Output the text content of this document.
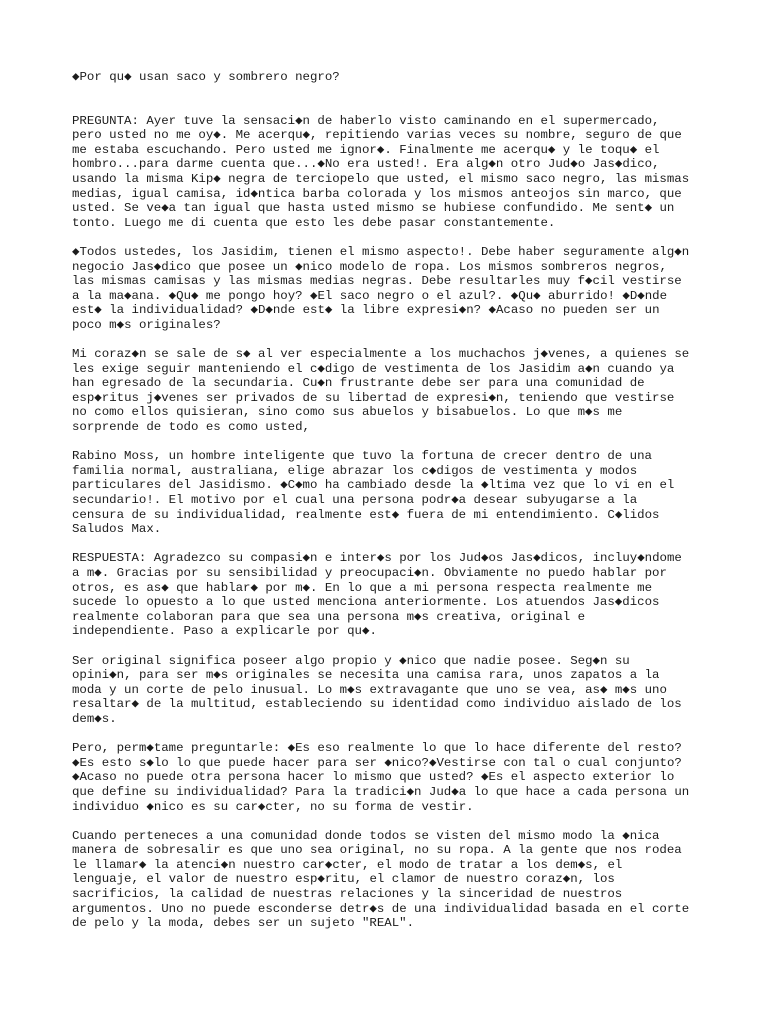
◆Por qu◆ usan saco y sombrero negro?
PREGUNTA: Ayer tuve la sensaci◆n de haberlo visto caminando en el supermercado,
pero usted no me oy◆. Me acerqu◆, repitiendo varias veces su nombre, seguro de que
me estaba escuchando. Pero usted me ignor◆. Finalmente me acerqu◆ y le toqu◆ el
hombro...para darme cuenta que...◆No era usted!. Era alg◆n otro Jud◆o Jas◆dico,
usando la misma Kip◆ negra de terciopelo que usted, el mismo saco negro, las mismas
medias, igual camisa, id◆ntica barba colorada y los mismos anteojos sin marco, que
usted. Se ve◆a tan igual que hasta usted mismo se hubiese confundido. Me sent◆ un
tonto. Luego me di cuenta que esto les debe pasar constantemente.
◆Todos ustedes, los Jasidim, tienen el mismo aspecto!. Debe haber seguramente alg◆n
negocio Jas◆dico que posee un ◆nico modelo de ropa. Los mismos sombreros negros,
las mismas camisas y las mismas medias negras. Debe resultarles muy f◆cil vestirse
a la ma◆ana. ◆Qu◆ me pongo hoy? ◆El saco negro o el azul?. ◆Qu◆ aburrido! ◆D◆nde
est◆ la individualidad? ◆D◆nde est◆ la libre expresi◆n? ◆Acaso no pueden ser un
poco m◆s originales?
Mi coraz◆n se sale de s◆ al ver especialmente a los muchachos j◆venes, a quienes se
les exige seguir manteniendo el c◆digo de vestimenta de los Jasidim a◆n cuando ya
han egresado de la secundaria. Cu◆n frustrante debe ser para una comunidad de
esp◆ritus j◆venes ser privados de su libertad de expresi◆n, teniendo que vestirse
no como ellos quisieran, sino como sus abuelos y bisabuelos. Lo que m◆s me
sorprende de todo es como usted,
Rabino Moss, un hombre inteligente que tuvo la fortuna de crecer dentro de una
familia normal, australiana, elige abrazar los c◆digos de vestimenta y modos
particulares del Jasidismo. ◆C◆mo ha cambiado desde la ◆ltima vez que lo vi en el
secundario!. El motivo por el cual una persona podr◆a desear subyugarse a la
censura de su individualidad, realmente est◆ fuera de mi entendimiento. C◆lidos
Saludos Max.
RESPUESTA: Agradezco su compasi◆n e inter◆s por los Jud◆os Jas◆dicos, incluy◆ndome
a m◆. Gracias por su sensibilidad y preocupaci◆n. Obviamente no puedo hablar por
otros, es as◆ que hablar◆ por m◆. En lo que a mi persona respecta realmente me
sucede lo opuesto a lo que usted menciona anteriormente. Los atuendos Jas◆dicos
realmente colaboran para que sea una persona m◆s creativa, original e
independiente. Paso a explicarle por qu◆.
Ser original significa poseer algo propio y ◆nico que nadie posee. Seg◆n su
opini◆n, para ser m◆s originales se necesita una camisa rara, unos zapatos a la
moda y un corte de pelo inusual. Lo m◆s extravagante que uno se vea, as◆ m◆s uno
resaltar◆ de la multitud, estableciendo su identidad como individuo aislado de los
dem◆s.
Pero, perm◆tame preguntarle: ◆Es eso realmente lo que lo hace diferente del resto?
◆Es esto s◆lo lo que puede hacer para ser ◆nico?◆Vestirse con tal o cual conjunto?
◆Acaso no puede otra persona hacer lo mismo que usted? ◆Es el aspecto exterior lo
que define su individualidad? Para la tradici◆n Jud◆a lo que hace a cada persona un
individuo ◆nico es su car◆cter, no su forma de vestir.
Cuando perteneces a una comunidad donde todos se visten del mismo modo la ◆nica
manera de sobresalir es que uno sea original, no su ropa. A la gente que nos rodea
le llamar◆ la atenci◆n nuestro car◆cter, el modo de tratar a los dem◆s, el
lenguaje, el valor de nuestro esp◆ritu, el clamor de nuestro coraz◆n, los
sacrificios, la calidad de nuestras relaciones y la sinceridad de nuestros
argumentos. Uno no puede esconderse detr◆s de una individualidad basada en el corte
de pelo y la moda, debes ser un sujeto "REAL".
